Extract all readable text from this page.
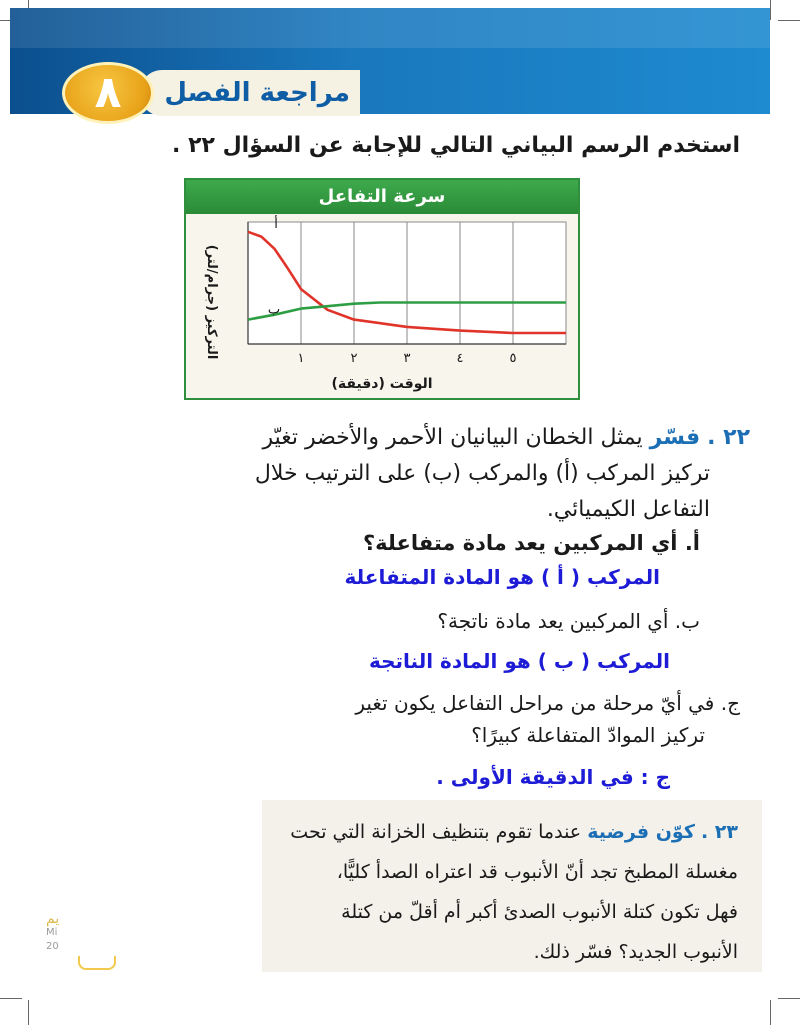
مراجعة الفصل
٨
استخدم الرسم البياني التالي للإجابة عن السؤال ٢٢ .
سرعة التفاعل
التركيز (جرام/لتر)
الوقت (دقيقة)
١	٢	٣	٤	٥
أ
ب
٢٢ . فسّر يمثل الخطان البيانيان الأحمر والأخضر تغيّر
تركيز المركب (أ) والمركب (ب) على الترتيب خلال
التفاعل الكيميائي.
أ. أي المركبين يعد مادة متفاعلة؟
المركب ( أ ) هو المادة المتفاعلة
ب. أي المركبين يعد مادة ناتجة؟
المركب ( ب ) هو المادة الناتجة
ج. في أيّ مرحلة من مراحل التفاعل يكون تغير
تركيز الموادّ المتفاعلة كبيرًا؟
ج : في الدقيقة الأولى .
٢٣ . كوّن فرضية عندما تقوم بتنظيف الخزانة التي تحت
مغسلة المطبخ تجد أنّ الأنبوب قد اعتراه الصدأ كليًّا،
فهل تكون كتلة الأنبوب الصدئ أكبر أم أقلّ من كتلة
الأنبوب الجديد؟ فسّر ذلك.
يم
Mi
20
